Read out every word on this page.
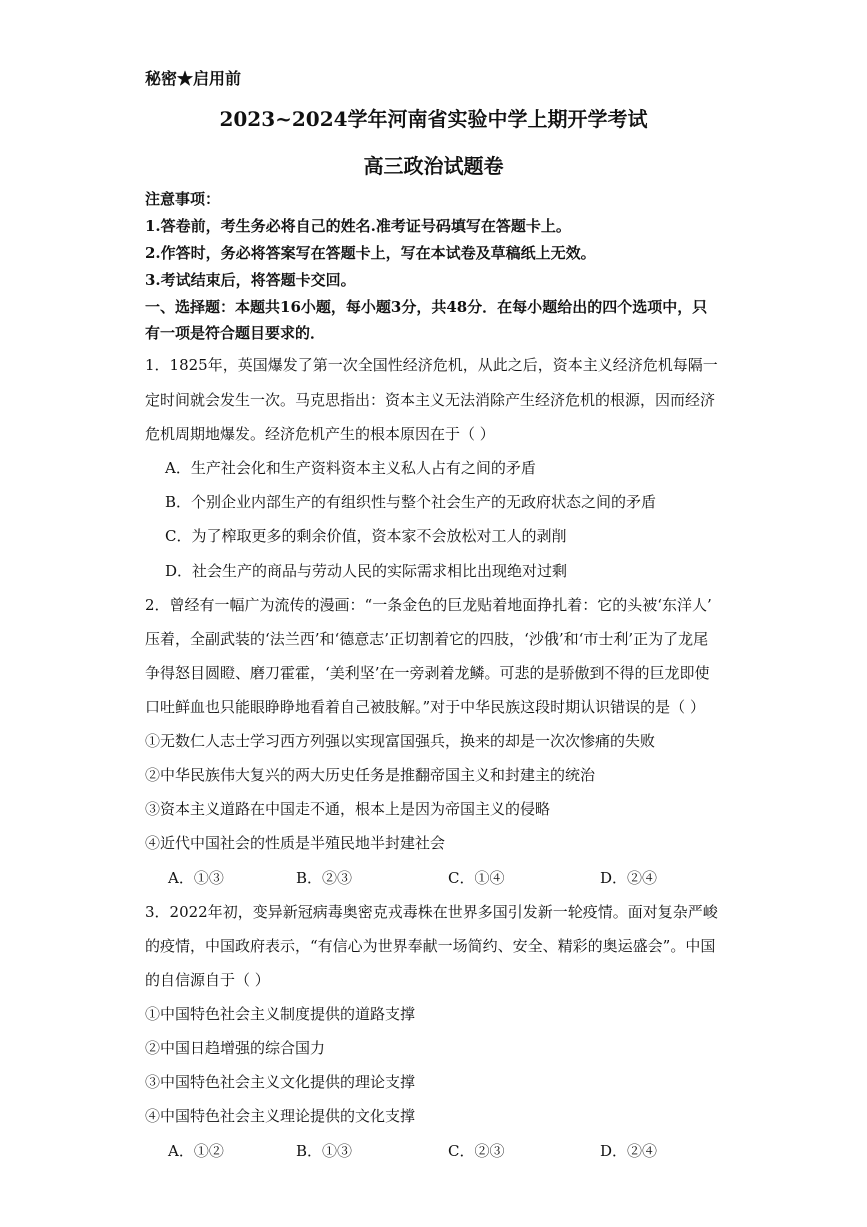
秘密★启用前
2023~2024学年河南省实验中学上期开学考试
高三政治试题卷
注意事项：
1.答卷前，考生务必将自己的姓名.准考证号码填写在答题卡上。
2.作答时，务必将答案写在答题卡上，写在本试卷及草稿纸上无效。
3.考试结束后，将答题卡交回。
一、选择题：本题共16小题，每小题3分，共48分．在每小题给出的四个选项中，只
有一项是符合题目要求的．
1．1825年，英国爆发了第一次全国性经济危机，从此之后，资本主义经济危机每隔一
定时间就会发生一次。马克思指出：资本主义无法消除产生经济危机的根源，因而经济
危机周期地爆发。经济危机产生的根本原因在于（ ）
A．生产社会化和生产资料资本主义私人占有之间的矛盾
B．个别企业内部生产的有组织性与整个社会生产的无政府状态之间的矛盾
C．为了榨取更多的剩余价值，资本家不会放松对工人的剥削
D．社会生产的商品与劳动人民的实际需求相比出现绝对过剩
2．曾经有一幅广为流传的漫画：“一条金色的巨龙贴着地面挣扎着：它的头被‘东洋人’
压着，全副武装的‘法兰西’和‘德意志’正切割着它的四肢，‘沙俄’和‘市士利’正为了龙尾
争得怒目圆瞪、磨刀霍霍，‘美利坚’在一旁剥着龙鳞。可悲的是骄傲到不得的巨龙即使
口吐鲜血也只能眼睁睁地看着自己被肢解。”对于中华民族这段时期认识错误的是（ ）
①无数仁人志士学习西方列强以实现富国强兵，换来的却是一次次惨痛的失败
②中华民族伟大复兴的两大历史任务是推翻帝国主义和封建主的统治
③资本主义道路在中国走不通，根本上是因为帝国主义的侵略
④近代中国社会的性质是半殖民地半封建社会
A．①③	B．②③	C．①④	D．②④
3．2022年初，变异新冠病毒奥密克戎毒株在世界多国引发新一轮疫情。面对复杂严峻
的疫情，中国政府表示，“有信心为世界奉献一场简约、安全、精彩的奥运盛会”。中国
的自信源自于（ ）
①中国特色社会主义制度提供的道路支撑
②中国日趋增强的综合国力
③中国特色社会主义文化提供的理论支撑
④中国特色社会主义理论提供的文化支撑
A．①②	B．①③	C．②③	D．②④
